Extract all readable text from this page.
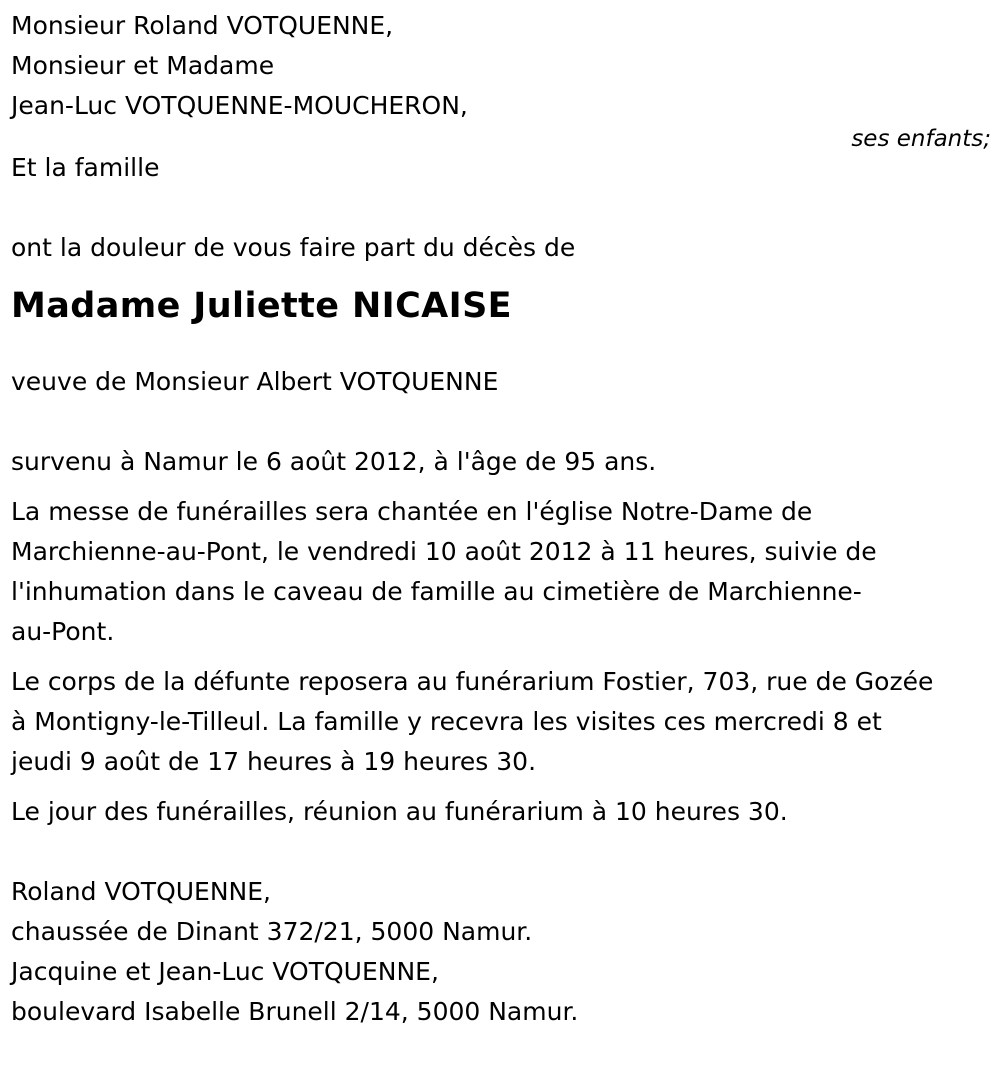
Monsieur Roland VOTQUENNE,
Monsieur et Madame
Jean-Luc VOTQUENNE-MOUCHERON,
ses enfants;
Et la famille
ont la douleur de vous faire part du décès de
Madame Juliette NICAISE
veuve de Monsieur Albert VOTQUENNE
survenu à Namur le 6 août 2012, à l'âge de 95 ans.
La messe de funérailles sera chantée en l'église Notre-Dame de
Marchienne-au-Pont, le vendredi 10 août 2012 à 11 heures, suivie de
l'inhumation dans le caveau de famille au cimetière de Marchienne-
au-Pont.
Le corps de la défunte reposera au funérarium Fostier, 703, rue de Gozée
à Montigny-le-Tilleul. La famille y recevra les visites ces mercredi 8 et
jeudi 9 août de 17 heures à 19 heures 30.
Le jour des funérailles, réunion au funérarium à 10 heures 30.
Roland VOTQUENNE,
chaussée de Dinant 372/21, 5000 Namur.
Jacquine et Jean-Luc VOTQUENNE,
boulevard Isabelle Brunell 2/14, 5000 Namur.
